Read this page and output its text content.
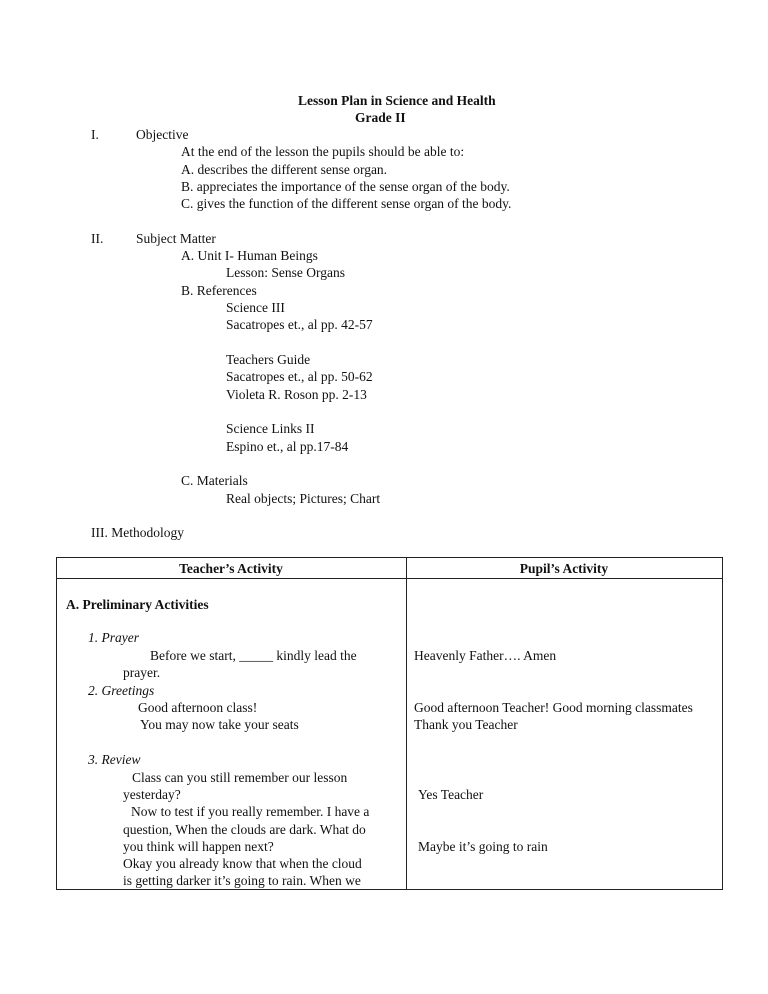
Lesson Plan in Science and Health
Grade II
I.	Objective
At the end of the lesson the pupils should be able to:
A. describes the different sense organ.
B. appreciates the importance of the sense organ of the body.
C. gives the function of the different sense organ of the body.
II. Subject Matter
A. Unit I- Human Beings
Lesson: Sense Organs
B. References
Science III
Sacatropes et., al pp. 42-57
Teachers Guide
Sacatropes et., al pp. 50-62
Violeta R. Roson pp. 2-13
Science Links II
Espino et., al pp.17-84
C. Materials
Real objects; Pictures; Chart
III. Methodology
Teacher’s Activity	Pupil’s Activity
A. Preliminary Activities
1. Prayer
Before we start, _____ kindly lead the
prayer.
2. Greetings
Good afternoon class!
You may now take your seats
3. Review
Class can you still remember our lesson
yesterday?
Now to test if you really remember. I have a
question, When the clouds are dark. What do
you think will happen next?
Okay you already know that when the cloud
is getting darker it’s going to rain. When we
Heavenly Father…. Amen
Good afternoon Teacher! Good morning classmates
Thank you Teacher
Yes Teacher
Maybe it’s going to rain
